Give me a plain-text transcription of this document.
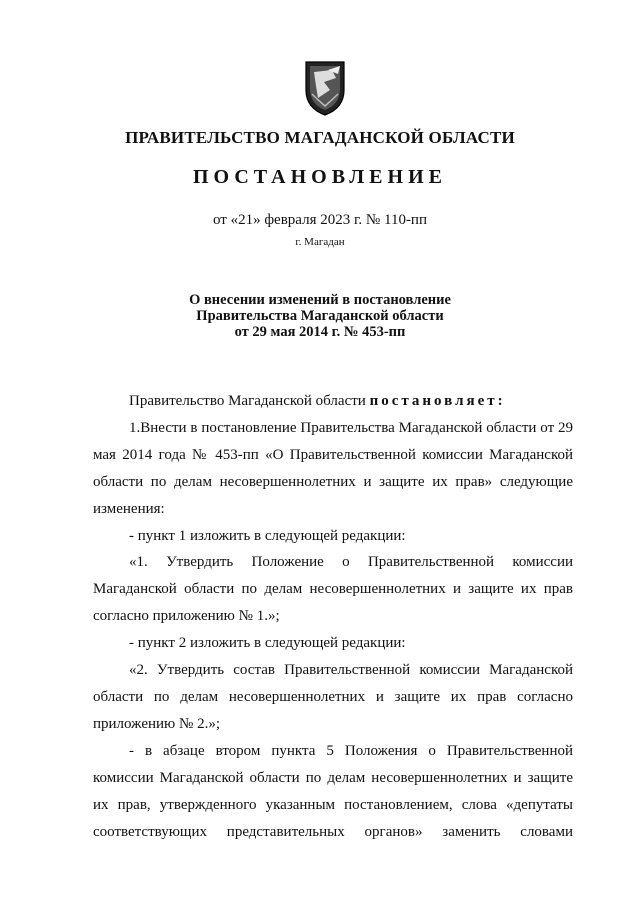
ПРАВИТЕЛЬСТВО МАГАДАНСКОЙ ОБЛАСТИ
ПОСТАНОВЛЕНИЕ
от «21» февраля 2023 г. № 110-пп
г. Магадан
О внесении изменений в постановление
Правительства Магаданской области
от 29 мая 2014 г. № 453-пп

Правительство Магаданской области постановляет:

1.Внести в постановление Правительства Магаданской области от 29 мая 2014 года № 453-пп «О Правительственной комиссии Магаданской области по делам несовершеннолетних и защите их прав» следующие изменения:

- пункт 1 изложить в следующей редакции:

«1. Утвердить Положение о Правительственной комиссии Магаданской области по делам несовершеннолетних и защите их прав согласно приложению № 1.»;

- пункт 2 изложить в следующей редакции:

«2. Утвердить состав Правительственной комиссии Магаданской области по делам несовершеннолетних и защите их прав согласно приложению № 2.»;

- в абзаце втором пункта 5 Положения о Правительственной комиссии Магаданской области по делам несовершеннолетних и защите их прав, утвержденного указанным постановлением, слова «депутаты соответствующих представительных органов» заменить словами
